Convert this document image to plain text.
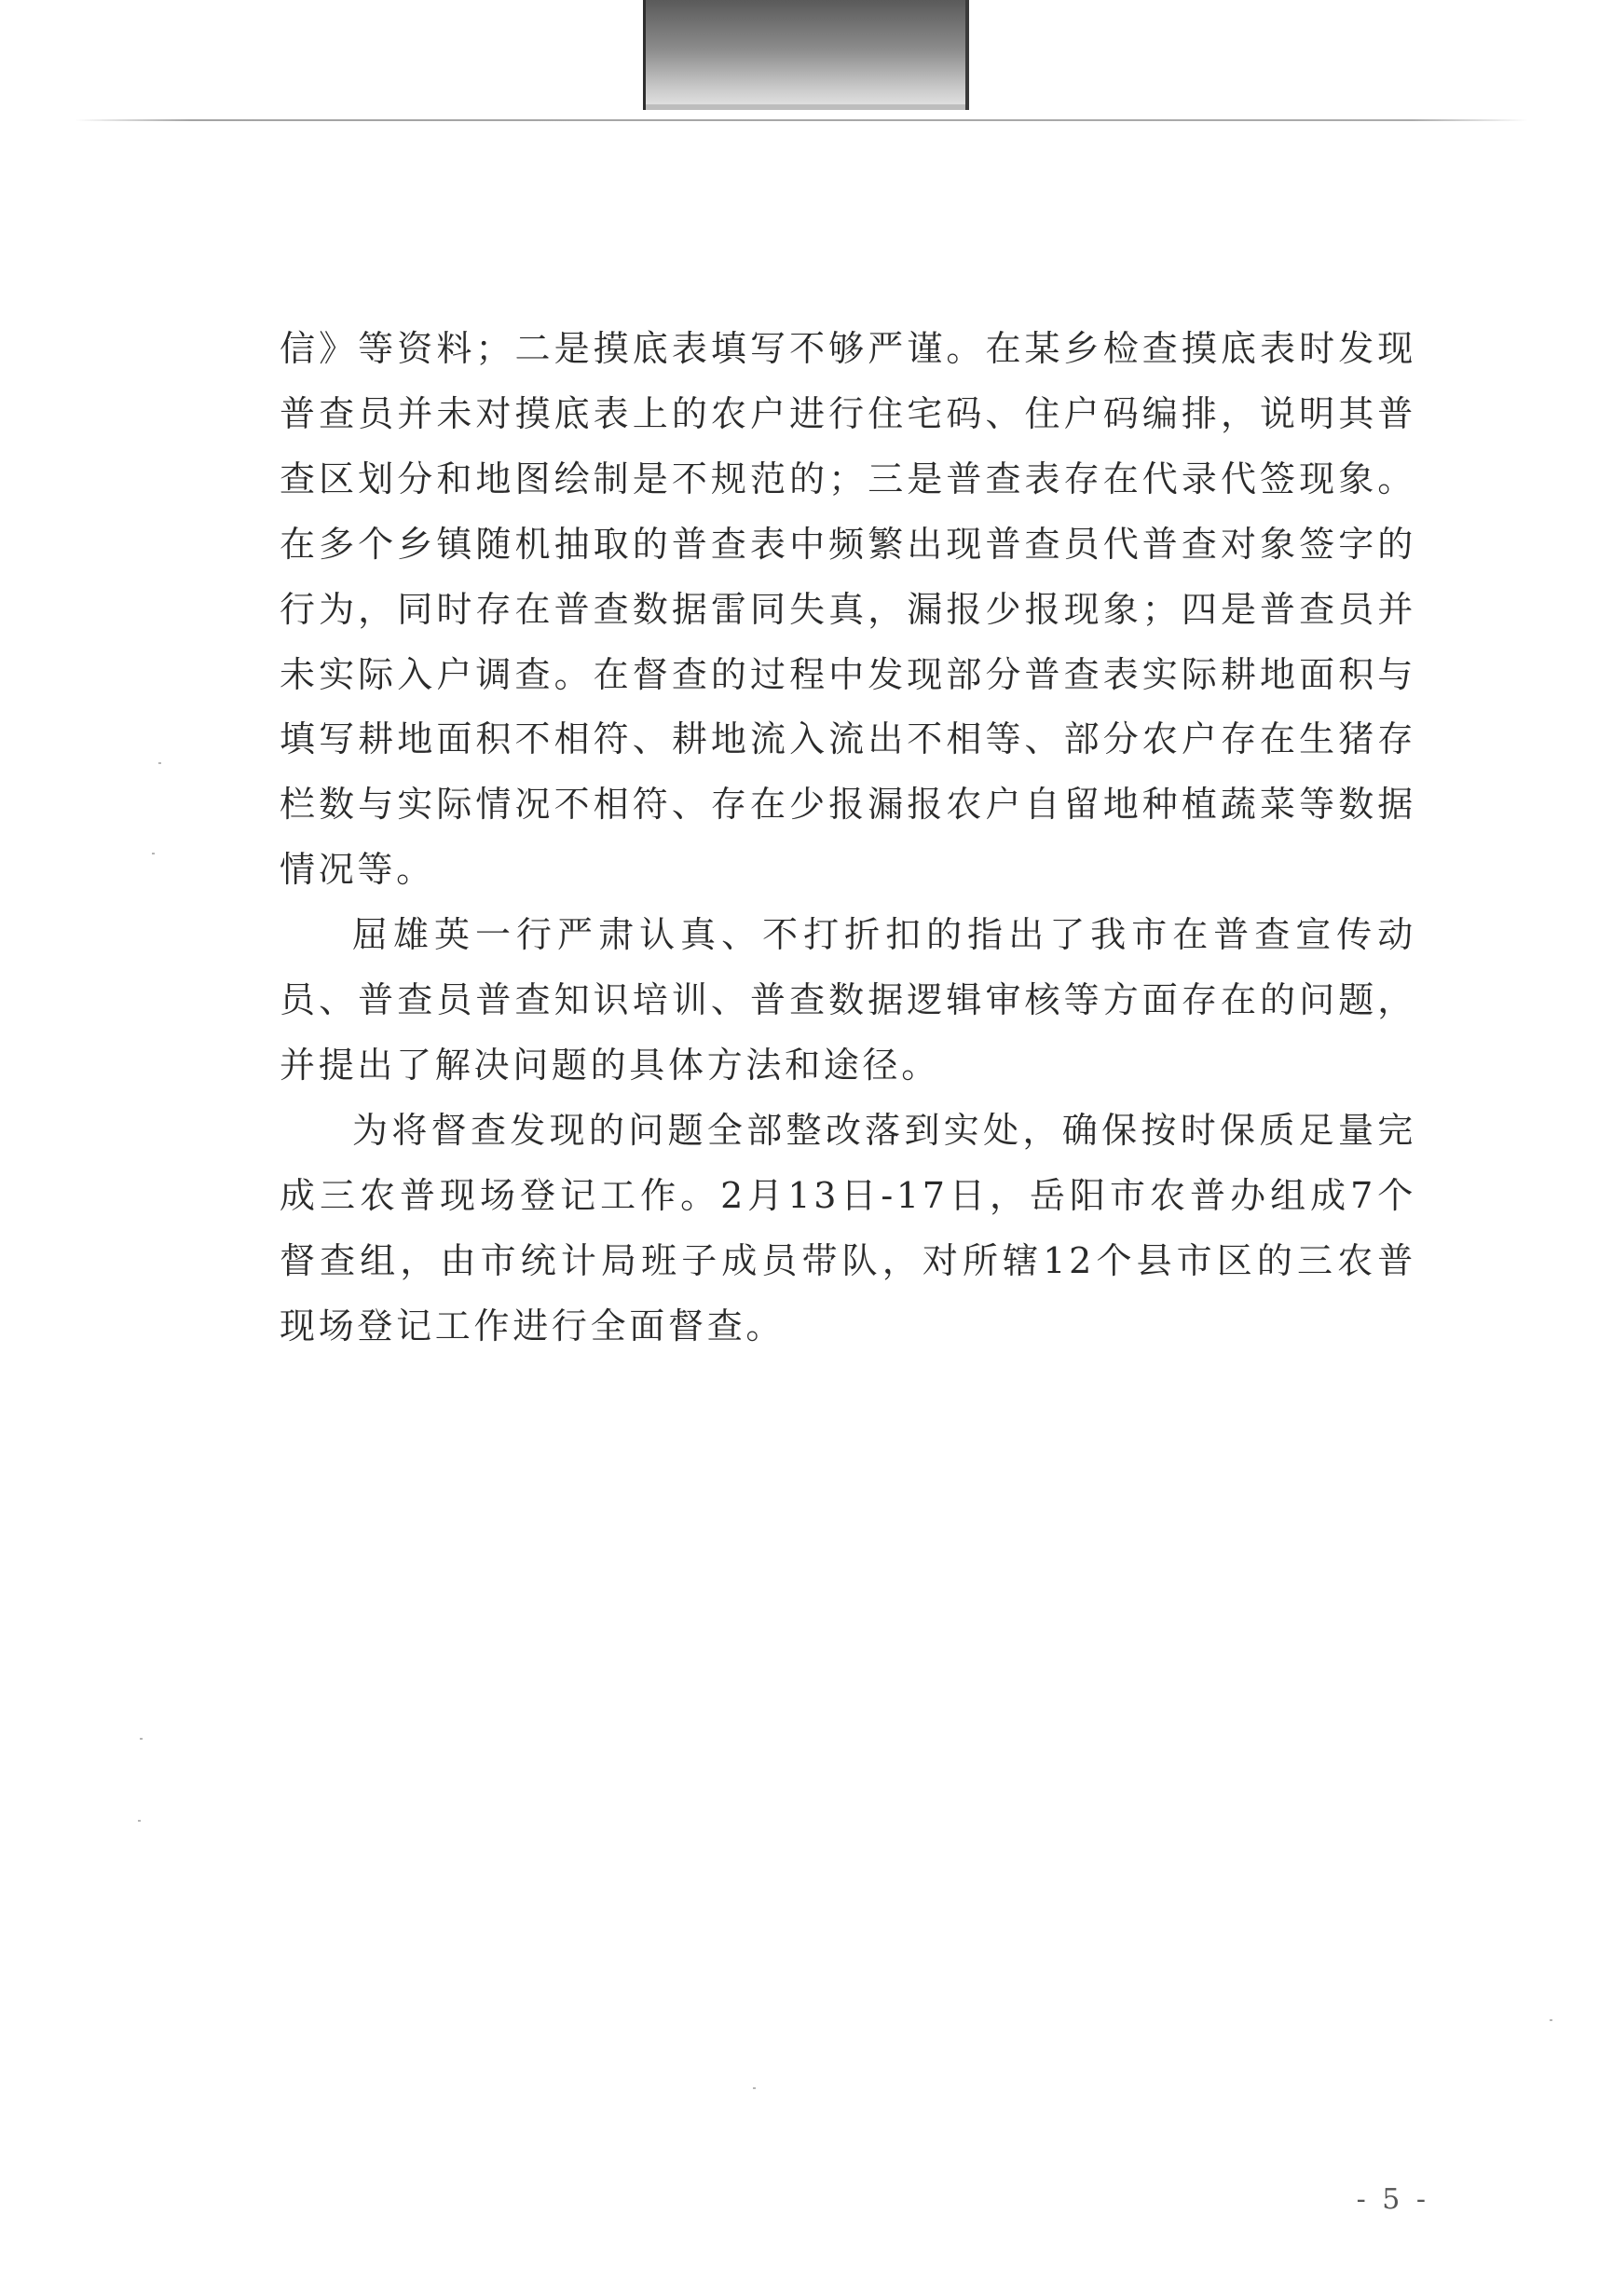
信》等资料；二是摸底表填写不够严谨。在某乡检查摸底表时发现普查员并未对摸底表上的农户进行住宅码、住户码编排，说明其普查区划分和地图绘制是不规范的；三是普查表存在代录代签现象。在多个乡镇随机抽取的普查表中频繁出现普查员代普查对象签字的行为，同时存在普查数据雷同失真，漏报少报现象；四是普查员并未实际入户调查。在督查的过程中发现部分普查表实际耕地面积与填写耕地面积不相符、耕地流入流出不相等、部分农户存在生猪存栏数与实际情况不相符、存在少报漏报农户自留地种植蔬菜等数据情况等。

屈雄英一行严肃认真、不打折扣的指出了我市在普查宣传动员、普查员普查知识培训、普查数据逻辑审核等方面存在的问题，并提出了解决问题的具体方法和途径。

为将督查发现的问题全部整改落到实处，确保按时保质足量完成三农普现场登记工作。2月13日-17日，岳阳市农普办组成7个督查组，由市统计局班子成员带队，对所辖12个县市区的三农普现场登记工作进行全面督查。

- 5 -
